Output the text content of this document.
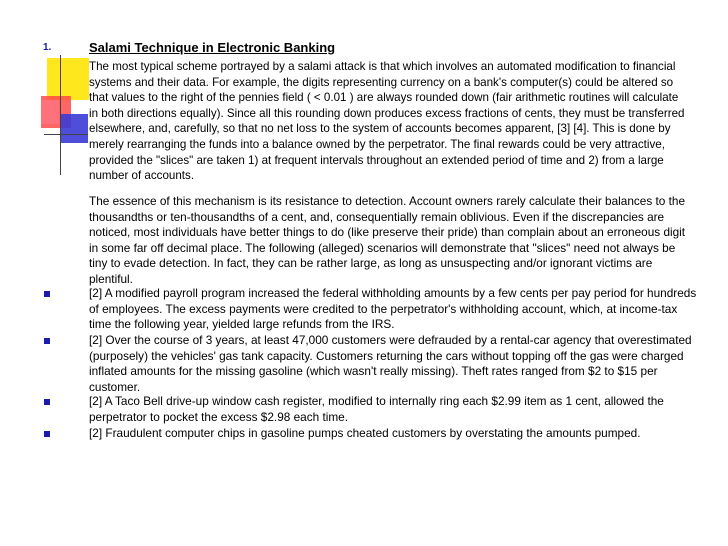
1.	Salami Technique in Electronic Banking
The most typical scheme portrayed by a salami attack is that which involves an automated modification to financial systems and their data. For example, the digits representing currency on a bank's computer(s) could be altered so that values to the right of the pennies field ( < 0.01 ) are always rounded down (fair arithmetic routines will calculate in both directions equally). Since all this rounding down produces excess fractions of cents, they must be transferred elsewhere, and, carefully, so that no net loss to the system of accounts becomes apparent, [3] [4]. This is done by merely rearranging the funds into a balance owned by the perpetrator. The final rewards could be very attractive, provided the "slices" are taken 1) at frequent intervals throughout an extended period of time and 2) from a large number of accounts.
The essence of this mechanism is its resistance to detection. Account owners rarely calculate their balances to the thousandths or ten-thousandths of a cent, and, consequentially remain oblivious. Even if the discrepancies are noticed, most individuals have better things to do (like preserve their pride) than complain about an erroneous digit in some far off decimal place. The following (alleged) scenarios will demonstrate that "slices" need not always be tiny to evade detection. In fact, they can be rather large, as long as unsuspecting and/or ignorant victims are plentiful.
[2] A modified payroll program increased the federal withholding amounts by a few cents per pay period for hundreds of employees. The excess payments were credited to the perpetrator's withholding account, which, at income-tax time the following year, yielded large refunds from the IRS.
[2] Over the course of 3 years, at least 47,000 customers were defrauded by a rental-car agency that overestimated (purposely) the vehicles' gas tank capacity. Customers returning the cars without topping off the gas were charged inflated amounts for the missing gasoline (which wasn't really missing). Theft rates ranged from $2 to $15 per customer.
[2] A Taco Bell drive-up window cash register, modified to internally ring each $2.99 item as 1 cent, allowed the perpetrator to pocket the excess $2.98 each time.
[2] Fraudulent computer chips in gasoline pumps cheated customers by overstating the amounts pumped.
